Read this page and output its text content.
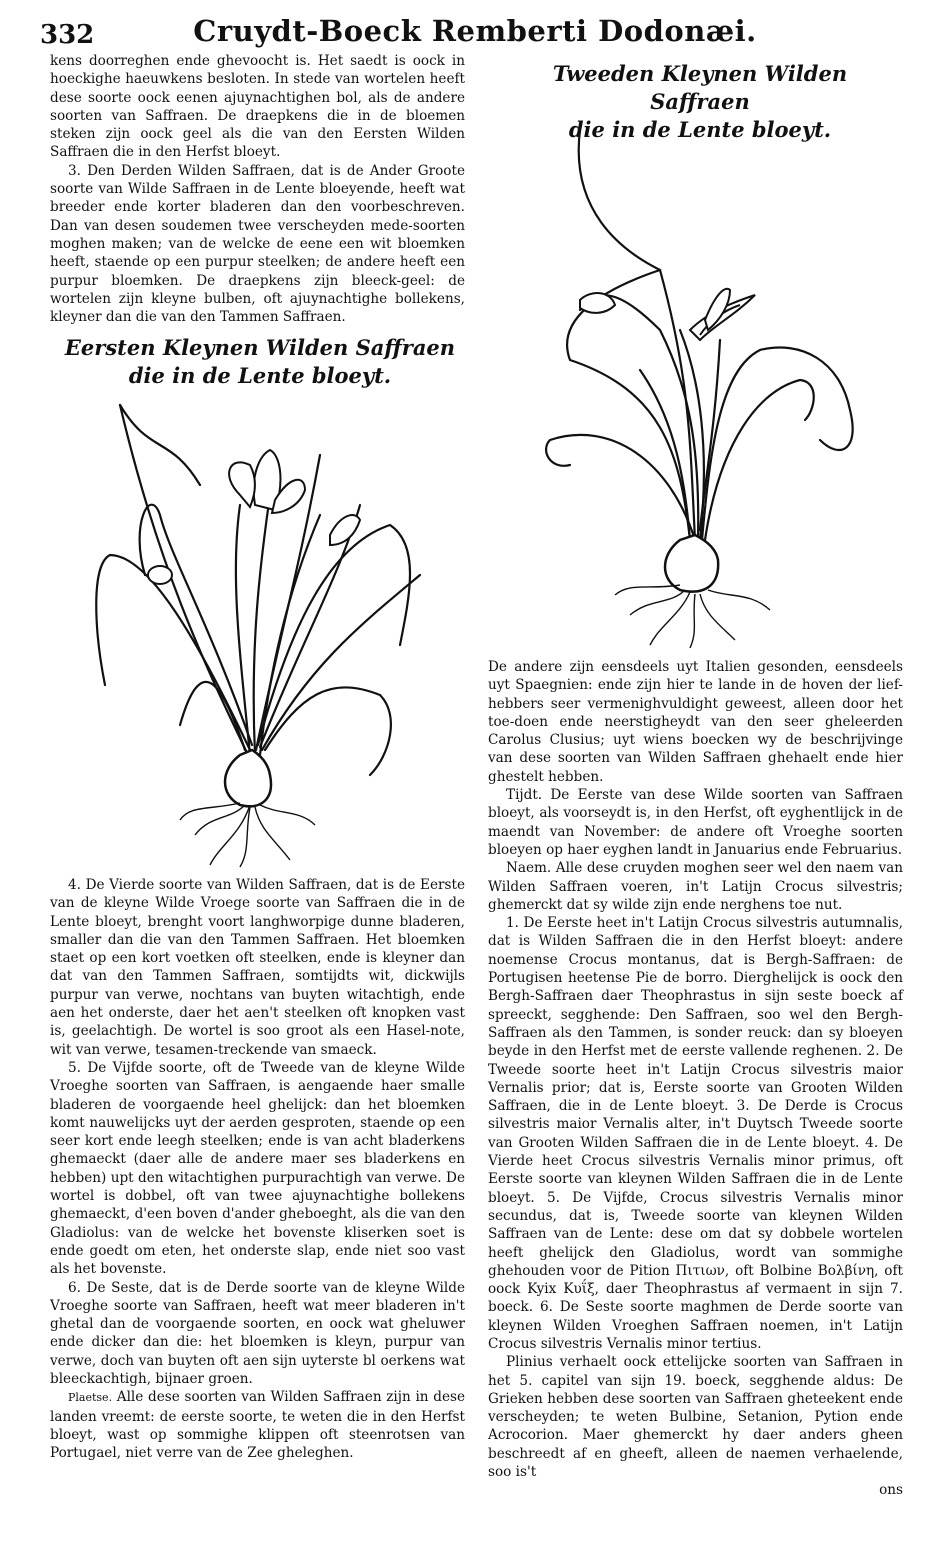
332	Cruydt-Boeck Remberti Dodonæi.

kens doorreghen ende ghevoocht is. Het saedt is oock in hoeckighe haeuwkens besloten. In stede van wortelen heeft dese soorte oock eenen ajuynachtighen bol, als de andere soorten van Saffraen. De draepkens die in de bloemen steken zijn oock geel als die van den Eersten Wilden Saffraen die in den Herfst bloeyt.

3. Den Derden Wilden Saffraen, dat is de Ander Groote soorte van Wilde Saffraen in de Lente bloeyende, heeft wat breeder ende korter bladeren dan den voorbeschreven. Dan van desen soudemen twee verscheyden mede-soorten moghen maken; van de welcke de eene een wit bloemken heeft, staende op een purpur steelken; de andere heeft een purpur bloemken. De draepkens zijn bleeck-geel: de wortelen zijn kleyne bulben, oft ajuynachtighe bollekens, kleyner dan die van den Tammen Saffraen.

Eersten Kleynen Wilden Saffraen
die in de Lente bloeyt.

4. De Vierde soorte van Wilden Saffraen, dat is de Eerste van de kleyne Wilde Vroege soorte van Saffraen die in de Lente bloeyt, brenght voort langhworpige dunne bladeren, smaller dan die van den Tammen Saffraen. Het bloemken staet op een kort voetken oft steelken, ende is kleyner dan dat van den Tammen Saffraen, somtijdts wit, dickwijls purpur van verwe, nochtans van buyten witachtigh, ende aen het onderste, daer het aen't steelken oft knopken vast is, geelachtigh. De wortel is soo groot als een Hasel-note, wit van verwe, tesamen-treckende van smaeck.

5. De Vijfde soorte, oft de Tweede van de kleyne Wilde Vroeghe soorten van Saffraen, is aengaende haer smalle bladeren de voorgaende heel ghelijck: dan het bloemken komt nauwelijcks uyt der aerden gesproten, staende op een seer kort ende leegh steelken; ende is van acht bladerkens ghemaeckt (daer alle de andere maer ses bladerkens en hebben) upt den witachtighen purpurachtigh van verwe. De wortel is dobbel, oft van twee ajuynachtighe bollekens ghemaeckt, d'een boven d'ander gheboeght, als die van den Gladiolus: van de welcke het bovenste kliserken soet is ende goedt om eten, het onderste slap, ende niet soo vast als het bovenste.

6. De Seste, dat is de Derde soorte van de kleyne Wilde Vroeghe soorte van Saffraen, heeft wat meer bladeren in't ghetal dan de voorgaende soorten, en oock wat gheluwer ende dicker dan die: het bloemken is kleyn, purpur van verwe, doch van buyten oft aen sijn uyterste bl oerkens wat bleeckachtigh, bijnaer groen.

Plaetse. Alle dese soorten van Wilden Saffraen zijn in dese landen vreemt: de eerste soorte, te weten die in den Herfst bloeyt, wast op sommighe klippen oft steenrotsen van Portugael, niet verre van de Zee gheleghen.

Tweeden Kleynen Wilden Saffraen
die in de Lente bloeyt.

De andere zijn eensdeels uyt Italien gesonden, eensdeels uyt Spaegnien: ende zijn hier te lande in de hoven der lief-hebbers seer vermenighvuldight geweest, alleen door het toe-doen ende neerstigheydt van den seer gheleerden Carolus Clusius; uyt wiens boecken wy de beschrijvinge van dese soorten van Wilden Saffraen ghehaelt ende hier ghestelt hebben.

Tijdt. De Eerste van dese Wilde soorten van Saffraen bloeyt, als voorseydt is, in den Herfst, oft eyghentlijck in de maendt van November: de andere oft Vroeghe soorten bloeyen op haer eyghen landt in Januarius ende Februarius.

Naem. Alle dese cruyden moghen seer wel den naem van Wilden Saffraen voeren, in't Latijn Crocus silvestris; ghemerckt dat sy wilde zijn ende nerghens toe nut.

1. De Eerste heet in't Latijn Crocus silvestris autumnalis, dat is Wilden Saffraen die in den Herfst bloeyt: andere noemense Crocus montanus, dat is Bergh-Saffraen: de Portugisen heetense Pie de borro. Dierghelijck is oock den Bergh-Saffraen daer Theophrastus in sijn seste boeck af spreeckt, segghende: Den Saffraen, soo wel den Bergh-Saffraen als den Tammen, is sonder reuck: dan sy bloeyen beyde in den Herfst met de eerste vallende reghenen. 2. De Tweede soorte heet in't Latijn Crocus silvestris maior Vernalis prior; dat is, Eerste soorte van Grooten Wilden Saffraen, die in de Lente bloeyt. 3. De Derde is Crocus silvestris maior Vernalis alter, in't Duytsch Tweede soorte van Grooten Wilden Saffraen die in de Lente bloeyt. 4. De Vierde heet Crocus silvestris Vernalis minor primus, oft Eerste soorte van kleynen Wilden Saffraen die in de Lente bloeyt. 5. De Vijfde, Crocus silvestris Vernalis minor secundus, dat is, Tweede soorte van kleynen Wilden Saffraen van de Lente: dese om dat sy dobbele wortelen heeft ghelijck den Gladiolus, wordt van sommighe ghehouden voor de Pition Πιτιων, oft Bolbine Βολβίνη, oft oock Kyix Κυΐξ, daer Theophrastus af vermaent in sijn 7. boeck. 6. De Seste soorte maghmen de Derde soorte van kleynen Wilden Vroeghen Saffraen noemen, in't Latijn Crocus silvestris Vernalis minor tertius.

Plinius verhaelt oock ettelijcke soorten van Saffraen in het 5. capitel van sijn 19. boeck, segghende aldus: De Grieken hebben dese soorten van Saffraen gheteekent ende verscheyden; te weten Bulbine, Setanion, Pytion ende Acrocorion. Maer ghemerckt hy daer anders gheen beschreedt af en gheeft, alleen de naemen verhaelende, soo is't

ons
